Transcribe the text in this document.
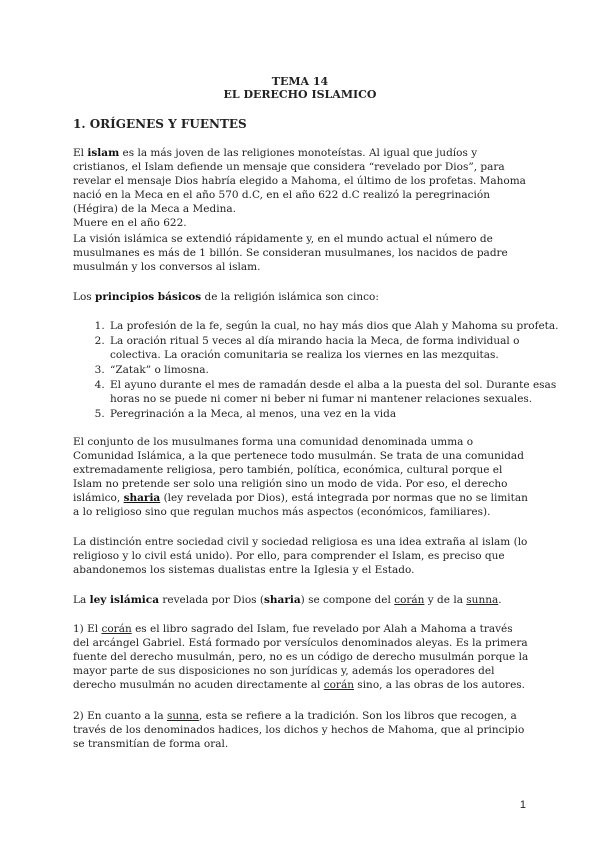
TEMA 14
EL DERECHO ISLAMICO
1. ORÍGENES Y FUENTES
El islam es la más joven de las religiones monoteístas. Al igual que judíos y cristianos, el Islam defiende un mensaje que considera “revelado por Dios”, para revelar el mensaje Dios habría elegido a Mahoma, el último de los profetas. Mahoma nació en la Meca en el año 570 d.C, en el año 622 d.C realizó la peregrinación (Hégira) de la Meca a Medina.
Muere en el año 622.
La visión islámica se extendió rápidamente y, en el mundo actual el número de musulmanes es más de 1 billón. Se consideran musulmanes, los nacidos de padre musulmán y los conversos al islam.
Los principios básicos de la religión islámica son cinco:
1. La profesión de la fe, según la cual, no hay más dios que Alah y Mahoma su profeta.
2. La oración ritual 5 veces al día mirando hacia la Meca, de forma individual o colectiva. La oración comunitaria se realiza los viernes en las mezquitas.
3. “Zatak” o limosna.
4. El ayuno durante el mes de ramadán desde el alba a la puesta del sol. Durante esas horas no se puede ni comer ni beber ni fumar ni mantener relaciones sexuales.
5. Peregrinación a la Meca, al menos, una vez en la vida
El conjunto de los musulmanes forma una comunidad denominada umma o Comunidad Islámica, a la que pertenece todo musulmán. Se trata de una comunidad extremadamente religiosa, pero también, política, económica, cultural porque el Islam no pretende ser solo una religión sino un modo de vida. Por eso, el derecho islámico, sharia (ley revelada por Dios), está integrada por normas que no se limitan a lo religioso sino que regulan muchos más aspectos (económicos, familiares).
La distinción entre sociedad civil y sociedad religiosa es una idea extraña al islam (lo religioso y lo civil está unido). Por ello, para comprender el Islam, es preciso que abandonemos los sistemas dualistas entre la Iglesia y el Estado.
La ley islámica revelada por Dios (sharia) se compone del corán y de la sunna.
1) El corán es el libro sagrado del Islam, fue revelado por Alah a Mahoma a través del arcángel Gabriel. Está formado por versículos denominados aleyas. Es la primera fuente del derecho musulmán, pero, no es un código de derecho musulmán porque la mayor parte de sus disposiciones no son jurídicas y, además los operadores del derecho musulmán no acuden directamente al corán sino, a las obras de los autores.
2) En cuanto a la sunna, esta se refiere a la tradición. Son los libros que recogen, a través de los denominados hadices, los dichos y hechos de Mahoma, que al principio se transmitían de forma oral.
1
